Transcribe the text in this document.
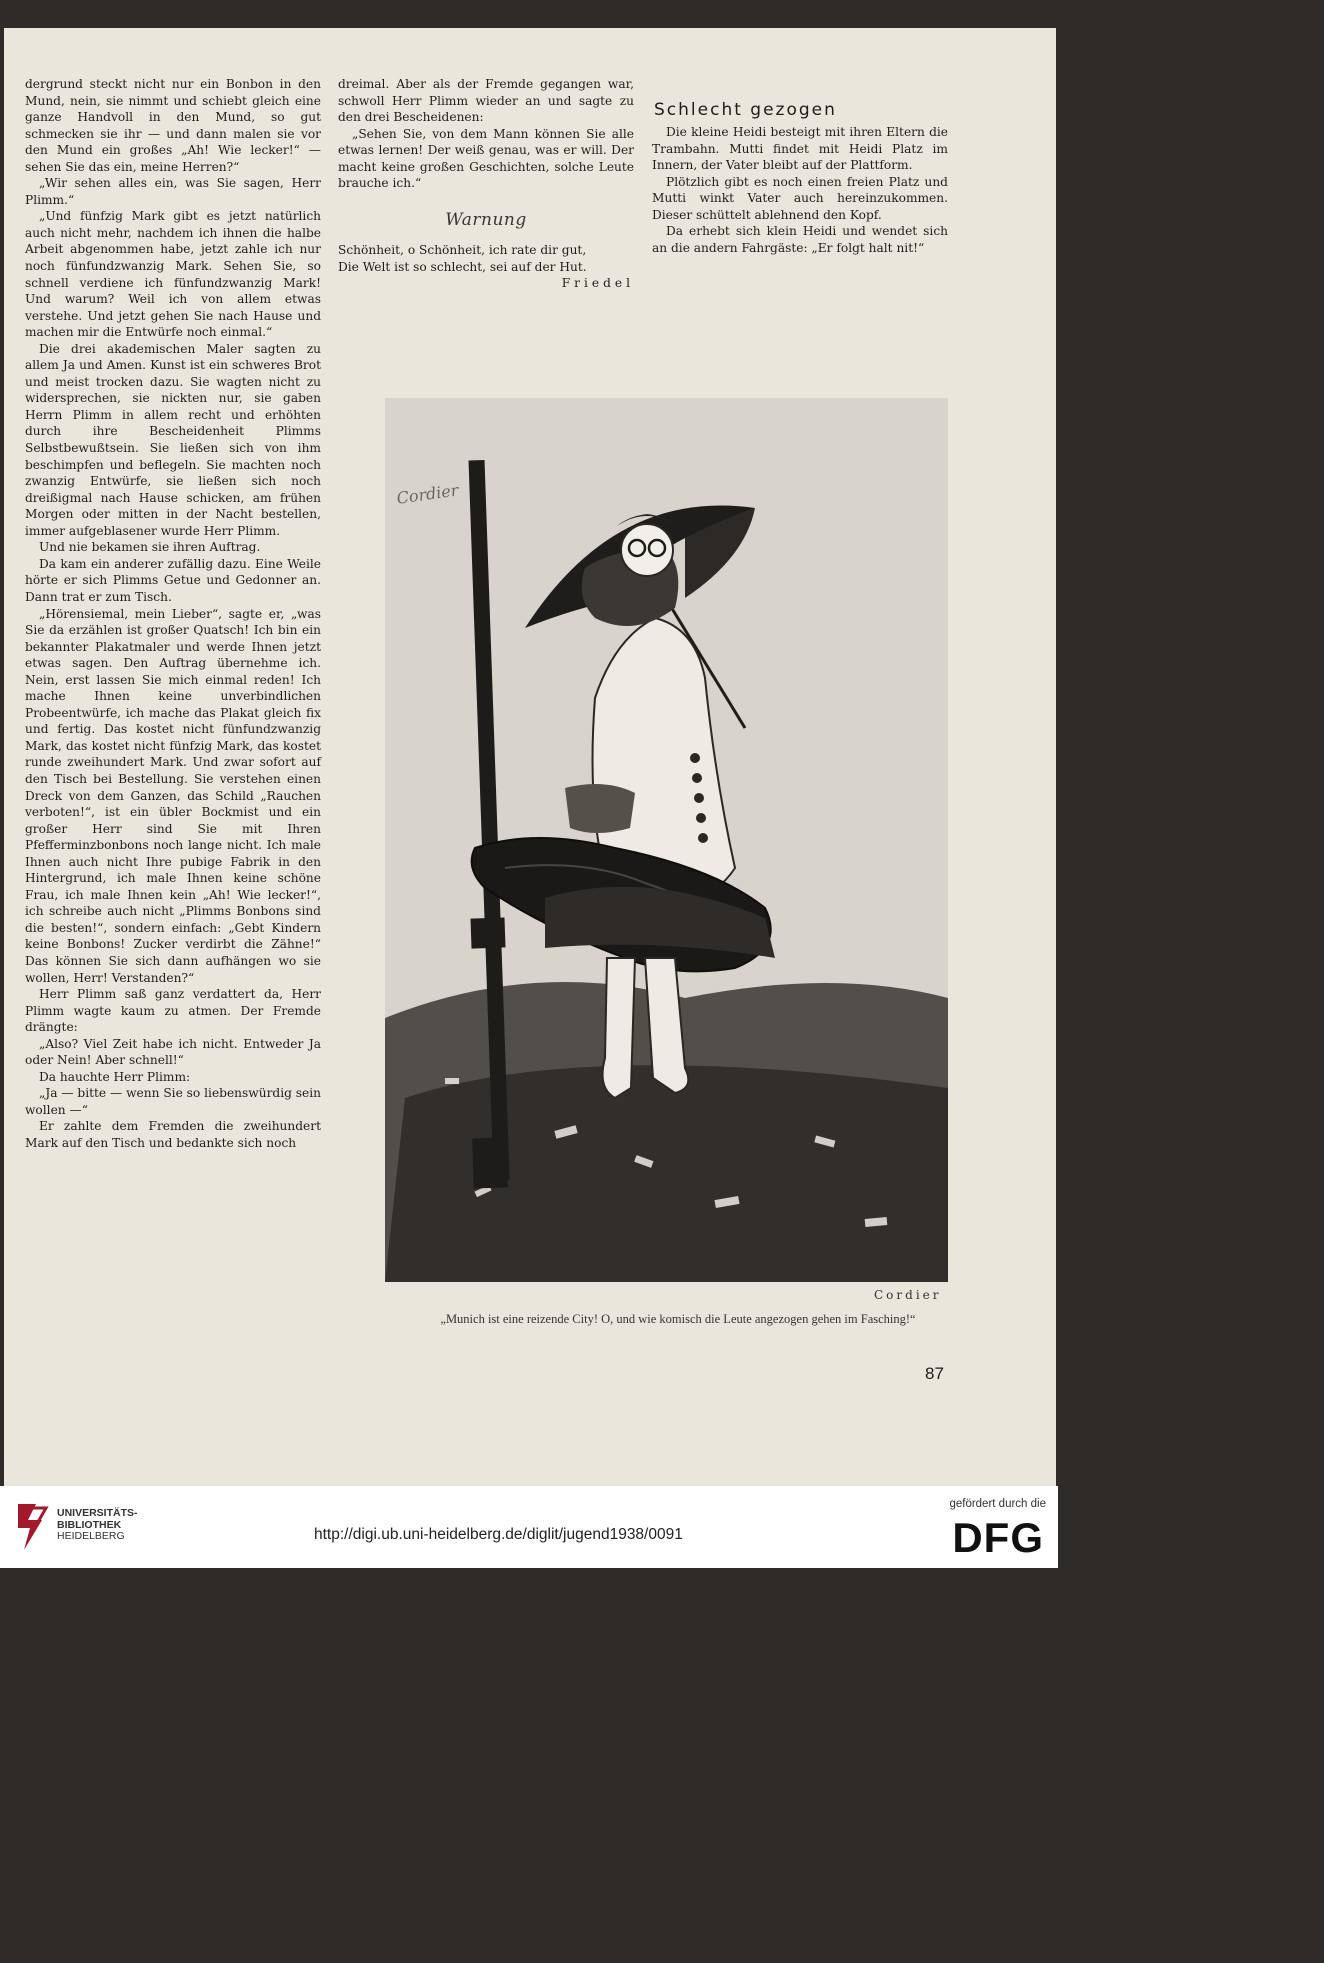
dergrund steckt nicht nur ein Bonbon in den Mund, nein, sie nimmt und schiebt gleich eine ganze Handvoll in den Mund, so gut schmecken sie ihr — und dann malen sie vor den Mund ein großes „Ah! Wie lecker!“ — sehen Sie das ein, meine Herren?“

„Wir sehen alles ein, was Sie sagen, Herr Plimm.“

„Und fünfzig Mark gibt es jetzt natürlich auch nicht mehr, nachdem ich ihnen die halbe Arbeit abgenommen habe, jetzt zahle ich nur noch fünfundzwanzig Mark. Sehen Sie, so schnell verdiene ich fünfundzwanzig Mark! Und warum? Weil ich von allem etwas verstehe. Und jetzt gehen Sie nach Hause und machen mir die Entwürfe noch einmal.“

Die drei akademischen Maler sagten zu allem Ja und Amen. Kunst ist ein schweres Brot und meist trocken dazu. Sie wagten nicht zu widersprechen, sie nickten nur, sie gaben Herrn Plimm in allem recht und erhöhten durch ihre Bescheidenheit Plimms Selbstbewußtsein. Sie ließen sich von ihm beschimpfen und beflegeln. Sie machten noch zwanzig Entwürfe, sie ließen sich noch dreißigmal nach Hause schicken, am frühen Morgen oder mitten in der Nacht bestellen, immer aufgeblasener wurde Herr Plimm.

Und nie bekamen sie ihren Auftrag.

Da kam ein anderer zufällig dazu. Eine Weile hörte er sich Plimms Getue und Gedonner an. Dann trat er zum Tisch.

„Hörensiemal, mein Lieber“, sagte er, „was Sie da erzählen ist großer Quatsch! Ich bin ein bekannter Plakatmaler und werde Ihnen jetzt etwas sagen. Den Auftrag übernehme ich. Nein, erst lassen Sie mich einmal reden! Ich mache Ihnen keine unverbindlichen Probeentwürfe, ich mache das Plakat gleich fix und fertig. Das kostet nicht fünfundzwanzig Mark, das kostet nicht fünfzig Mark, das kostet runde zweihundert Mark. Und zwar sofort auf den Tisch bei Bestellung. Sie verstehen einen Dreck von dem Ganzen, das Schild „Rauchen verboten!“, ist ein übler Bockmist und ein großer Herr sind Sie mit Ihren Pfefferminzbonbons noch lange nicht. Ich male Ihnen auch nicht Ihre pubige Fabrik in den Hintergrund, ich male Ihnen keine schöne Frau, ich male Ihnen kein „Ah! Wie lecker!“, ich schreibe auch nicht „Plimms Bonbons sind die besten!“, sondern einfach: „Gebt Kindern keine Bonbons! Zucker verdirbt die Zähne!“ Das können Sie sich dann aufhängen wo sie wollen, Herr! Verstanden?“

Herr Plimm saß ganz verdattert da, Herr Plimm wagte kaum zu atmen. Der Fremde drängte:

„Also? Viel Zeit habe ich nicht. Entweder Ja oder Nein! Aber schnell!“

Da hauchte Herr Plimm:

„Ja — bitte — wenn Sie so liebenswürdig sein wollen —“

Er zahlte dem Fremden die zweihundert Mark auf den Tisch und bedankte sich noch

dreimal. Aber als der Fremde gegangen war, schwoll Herr Plimm wieder an und sagte zu den drei Bescheidenen:

„Sehen Sie, von dem Mann können Sie alle etwas lernen! Der weiß genau, was er will. Der macht keine großen Geschichten, solche Leute brauche ich.“

Warnung

Schönheit, o Schönheit, ich rate dir gut,

Die Welt ist so schlecht, sei auf der Hut.

Friedel

Schlecht gezogen

Die kleine Heidi besteigt mit ihren Eltern die Trambahn. Mutti findet mit Heidi Platz im Innern, der Vater bleibt auf der Plattform.

Plötzlich gibt es noch einen freien Platz und Mutti winkt Vater auch hereinzukommen. Dieser schüttelt ablehnend den Kopf.

Da erhebt sich klein Heidi und wendet sich an die andern Fahrgäste: „Er folgt halt nit!“

Cordier
Cordier
„Munich ist eine reizende City! O, und wie komisch die Leute angezogen gehen im Fasching!“
87
UNIVERSITÄTS-
BIBLIOTHEK
HEIDELBERG	http://digi.ub.uni-heidelberg.de/diglit/jugend1938/0091
gefördert durch die
DFG
